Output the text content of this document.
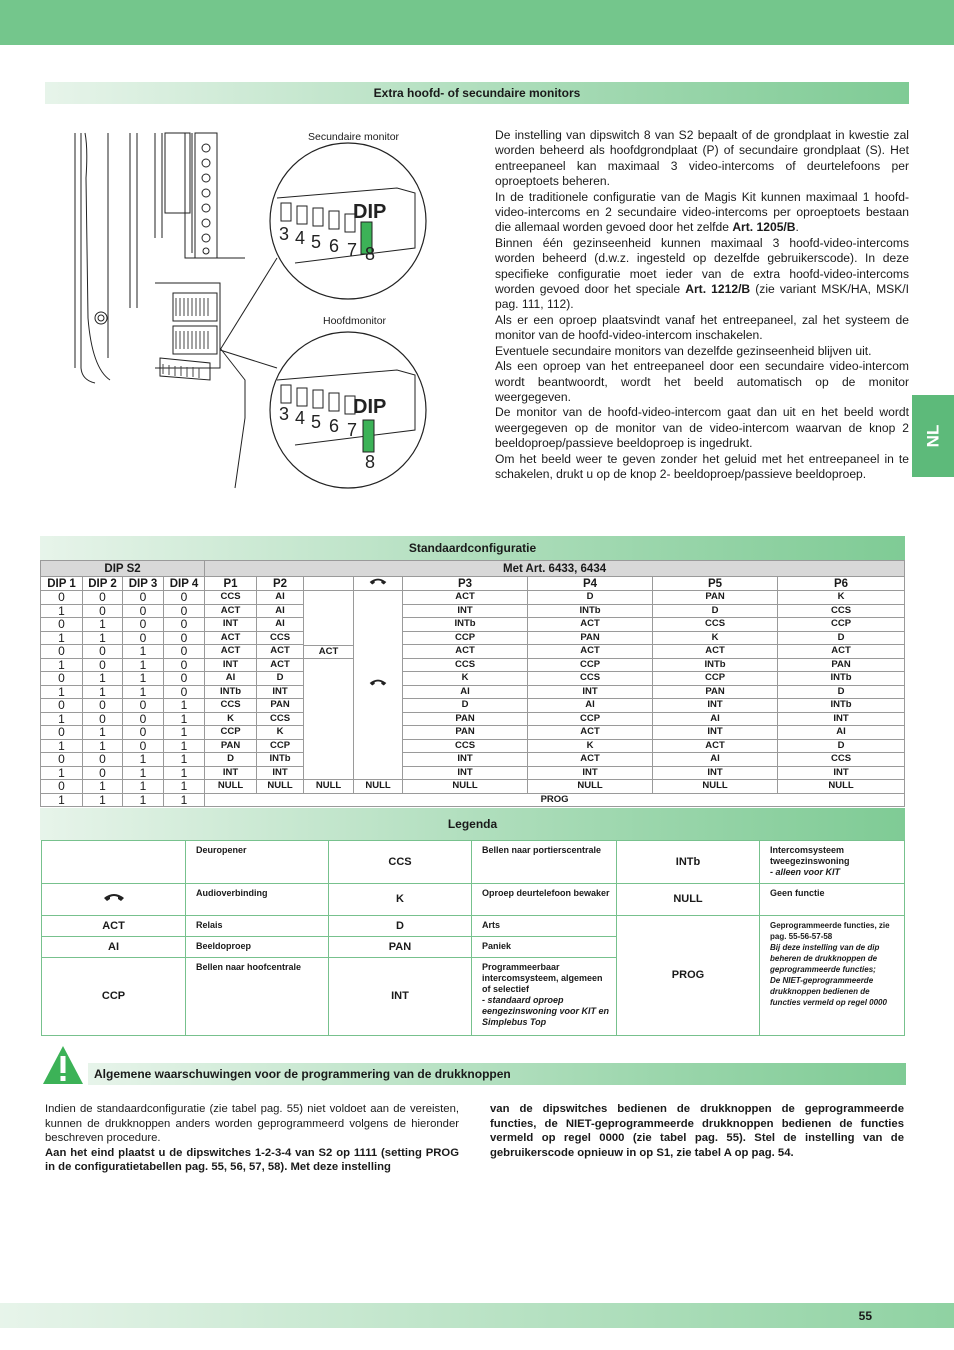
Extra hoofd- of secundaire monitors
DIP
3 4 5 6 7 8
DIP
3 4 5 6 7
8
Secundaire monitor
Hoofdmonitor

De instelling van dipswitch 8 van S2 bepaalt of de grondplaat in kwestie zal worden beheerd als hoofdgrondplaat (P) of secundaire grondplaat (S). Het entreepaneel kan maximaal 3 video-intercoms of deurtelefoons per oproeptoets beheren.

In de traditionele configuratie van de Magis Kit kunnen maximaal 1 hoofd-video-intercoms en 2 secundaire video-intercoms per oproeptoets bestaan die allemaal worden gevoed door het zelfde Art. 1205/B.

Binnen één gezinseenheid kunnen maximaal 3 hoofd-video-intercoms worden beheerd (d.w.z. ingesteld op dezelfde gebruikerscode). In deze specifieke configuratie moet ieder van de extra hoofd-video-intercoms worden gevoed door het speciale Art. 1212/B (zie variant MSK/HA, MSK/I pag. 111, 112).

Als er een oproep plaatsvindt vanaf het entreepaneel, zal het systeem de monitor van de hoofd-video-intercom inschakelen.

Eventuele secundaire monitors van dezelfde gezinseenheid blijven uit.

Als een oproep van het entreepaneel door een secundaire video-intercom wordt beantwoordt, wordt het beeld automatisch op de monitor weergegeven.

De monitor van de hoofd-video-intercom gaat dan uit en het beeld wordt weergegeven op de monitor van de video-intercom waarvan de knop 2 beeldoproep/passieve beeldoproep is ingedrukt.

Om het beeld weer te geven zonder het geluid met het entreepaneel in te schakelen, drukt u op de knop 2- beeldoproep/passieve beeldoproep.

NL
Standaardconfiguratie
DIP S2				Met Art. 6433, 6434							
DIP 1	DIP 2	DIP 3	DIP 4	P1	P2			P3	P4	P5	P6
0	0	0	0	CCS	AI	ACT		ACT	D	PAN	K
1	0	0	0	ACT	AI			INT	INTb	D	CCS
0	1	0	0	INT	AI			INTb	ACT	CCS	CCP
1	1	0	0	ACT	CCS			CCP	PAN	K	D
0	0	1	0	ACT	ACT			ACT	ACT	ACT	ACT
1	0	1	0	INT	ACT			CCS	CCP	INTb	PAN
0	1	1	0	AI	D			K	CCS	CCP	INTb
1	1	1	0	INTb	INT			AI	INT	PAN	D
0	0	0	1	CCS	PAN			D	AI	INT	INTb
1	0	0	1	K	CCS			PAN	CCP	AI	INT
0	1	0	1	CCP	K			PAN	ACT	INT	AI
1	1	0	1	PAN	CCP			CCS	K	ACT	D
0	0	1	1	D	INTb			INT	ACT	AI	CCS
1	0	1	1	INT	INT			INT	INT	INT	INT
0	1	1	1	NULL	NULL	NULL	NULL	NULL	NULL	NULL	NULL
1	1	1	1	PROG							
Legenda
	Deuropener	CCS	Bellen naar portierscentrale	INTb	Intercomsysteem tweegezinswoning
- alleen voor KIT
	Audioverbinding	K	Oproep deurtelefoon bewaker	NULL	Geen functie
ACT	Relais	D	Arts	PROG	Geprogrammeerde functies, zie pag. 55-56-57-58
Bij deze instelling van de dip beheren de drukknoppen de geprogrammeerde functies;
De NIET-geprogrammeerde drukknoppen bedienen de functies vermeld op regel 0000
AI	Beeldoproep	PAN	Paniek		
CCP	Bellen naar hoofcentrale	INT	Programmeerbaar intercomsysteem, algemeen of selectief
- standaard oproep eengezinswoning voor KIT en Simplebus Top		
Algemene waarschuwingen voor de programmering van de drukknoppen
Indien de standaardconfiguratie (zie tabel pag. 55) niet voldoet aan de vereisten, kunnen de drukknoppen anders worden geprogrammeerd volgens de hieronder beschreven procedure.
Aan het eind plaatst u de dipswitches 1-2-3-4 van S2 op 1111 (setting PROG in de configuratietabellen pag. 55, 56, 57, 58). Met deze instelling
van de dipswitches bedienen de drukknoppen de geprogrammeerde functies, de NIET-geprogrammeerde drukknoppen bedienen de functies vermeld op regel 0000 (zie tabel pag. 55). Stel de instelling van de gebruikerscode opnieuw in op S1, zie tabel A op pag. 54.
55
